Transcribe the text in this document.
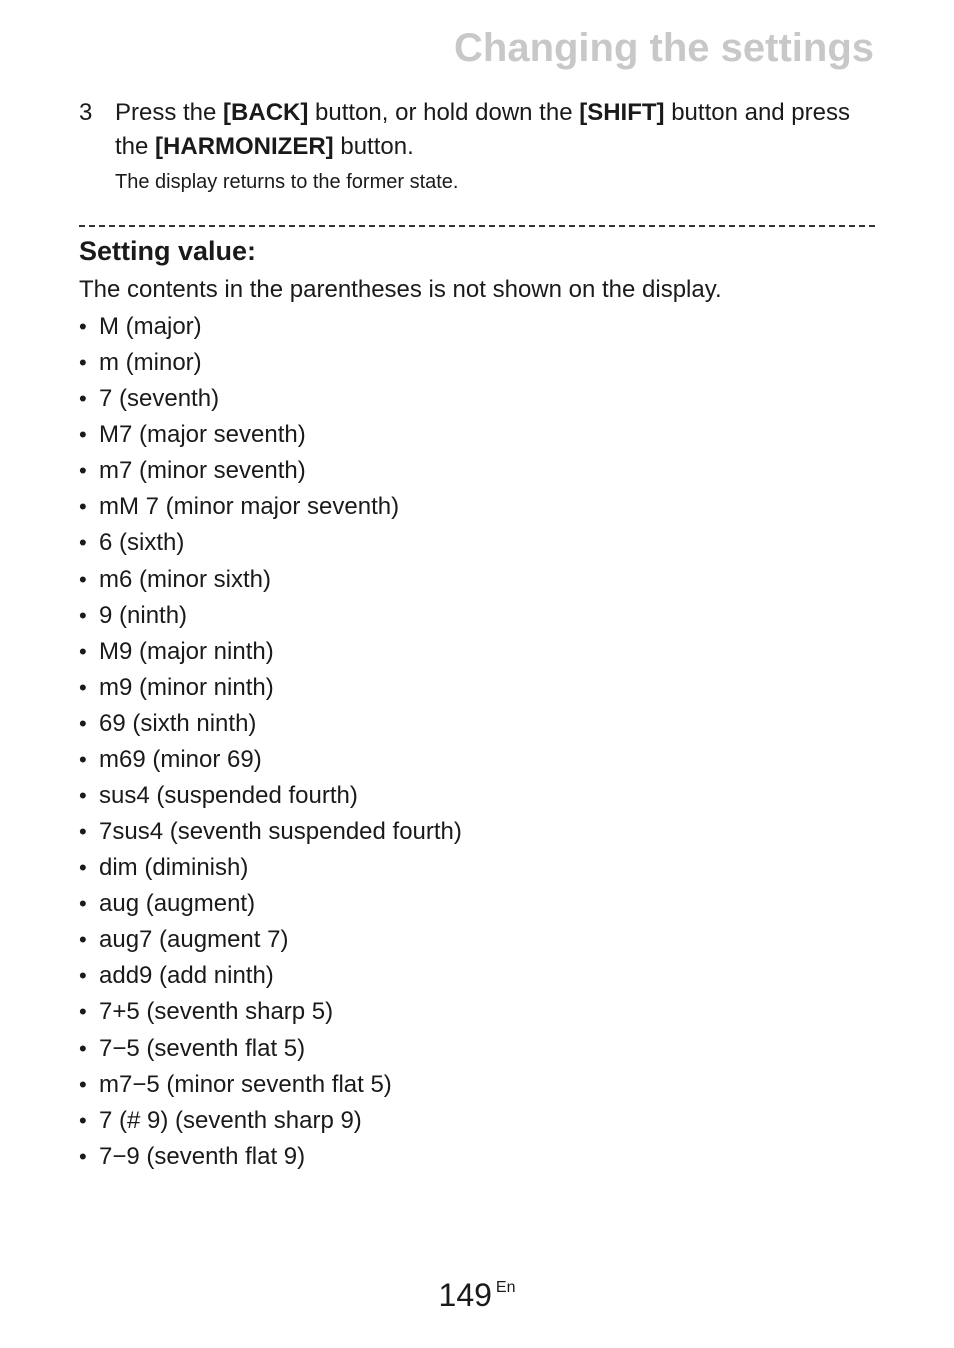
Changing the settings
3 Press the [BACK] button, or hold down the [SHIFT] button and press the [HARMONIZER] button.

The display returns to the former state.

Setting value:

The contents in the parentheses is not shown on the display.

• M (major)
• m (minor)
• 7 (seventh)
• M7 (major seventh)
• m7 (minor seventh)
• mM 7 (minor major seventh)
• 6 (sixth)
• m6 (minor sixth)
• 9 (ninth)
• M9 (major ninth)
• m9 (minor ninth)
• 69 (sixth ninth)
• m69 (minor 69)
• sus4 (suspended fourth)
• 7sus4 (seventh suspended fourth)
• dim (diminish)
• aug (augment)
• aug7 (augment 7)
• add9 (add ninth)
• 7+5 (seventh sharp 5)
• 7−5 (seventh flat 5)
• m7−5 (minor seventh flat 5)
• 7 (# 9) (seventh sharp 9)
• 7−9 (seventh flat 9)
149 En
